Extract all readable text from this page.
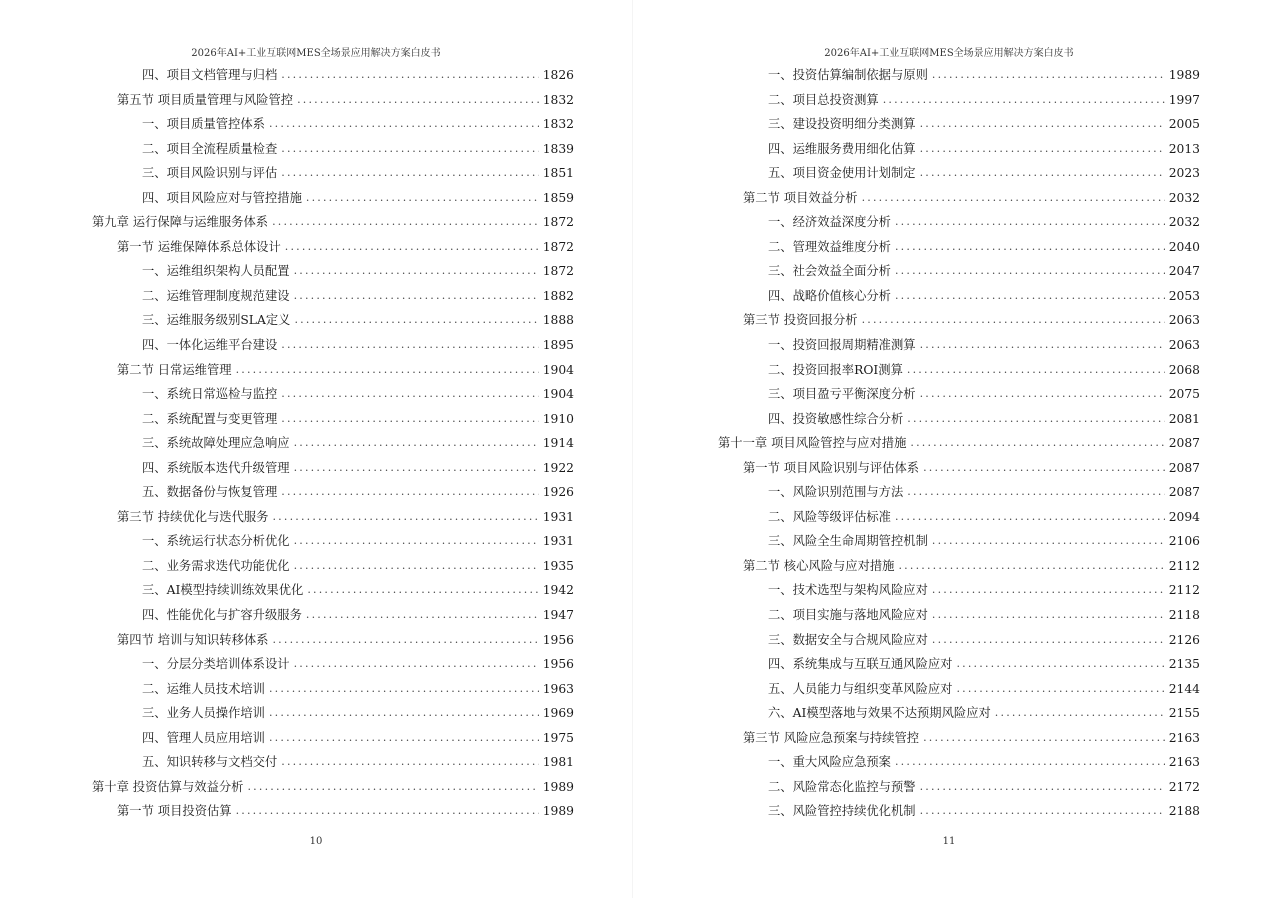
2026年AI+工业互联网MES全场景应用解决方案白皮书
四、项目文档管理与归档 .....	1826
第五节 项目质量管理与风险管控 .....	1832
一、项目质量管控体系 .....	1832
二、项目全流程质量检查 .....	1839
三、项目风险识别与评估 .....	1851
四、项目风险应对与管控措施 .....	1859
第九章 运行保障与运维服务体系 .....	1872
第一节 运维保障体系总体设计 .....	1872
一、运维组织架构人员配置 .....	1872
二、运维管理制度规范建设 .....	1882
三、运维服务级别SLA定义 .....	1888
四、一体化运维平台建设 .....	1895
第二节 日常运维管理 .....	1904
一、系统日常巡检与监控 .....	1904
二、系统配置与变更管理 .....	1910
三、系统故障处理应急响应 .....	1914
四、系统版本迭代升级管理 .....	1922
五、数据备份与恢复管理 .....	1926
第三节 持续优化与迭代服务 .....	1931
一、系统运行状态分析优化 .....	1931
二、业务需求迭代功能优化 .....	1935
三、AI模型持续训练效果优化 .....	1942
四、性能优化与扩容升级服务 .....	1947
第四节 培训与知识转移体系 .....	1956
一、分层分类培训体系设计 .....	1956
二、运维人员技术培训 .....	1963
三、业务人员操作培训 .....	1969
四、管理人员应用培训 .....	1975
五、知识转移与文档交付 .....	1981
第十章 投资估算与效益分析 .....	1989
第一节 项目投资估算 .....	1989
10
2026年AI+工业互联网MES全场景应用解决方案白皮书
一、投资估算编制依据与原则 .....	1989
二、项目总投资测算 .....	1997
三、建设投资明细分类测算 .....	2005
四、运维服务费用细化估算 .....	2013
五、项目资金使用计划制定 .....	2023
第二节 项目效益分析 .....	2032
一、经济效益深度分析 .....	2032
二、管理效益维度分析 .....	2040
三、社会效益全面分析 .....	2047
四、战略价值核心分析 .....	2053
第三节 投资回报分析 .....	2063
一、投资回报周期精准测算 .....	2063
二、投资回报率ROI测算 .....	2068
三、项目盈亏平衡深度分析 .....	2075
四、投资敏感性综合分析 .....	2081
第十一章 项目风险管控与应对措施 .....	2087
第一节 项目风险识别与评估体系 .....	2087
一、风险识别范围与方法 .....	2087
二、风险等级评估标准 .....	2094
三、风险全生命周期管控机制 .....	2106
第二节 核心风险与应对措施 .....	2112
一、技术选型与架构风险应对 .....	2112
二、项目实施与落地风险应对 .....	2118
三、数据安全与合规风险应对 .....	2126
四、系统集成与互联互通风险应对 .....	2135
五、人员能力与组织变革风险应对 .....	2144
六、AI模型落地与效果不达预期风险应对 .....	2155
第三节 风险应急预案与持续管控 .....	2163
一、重大风险应急预案 .....	2163
二、风险常态化监控与预警 .....	2172
三、风险管控持续优化机制 .....	2188
11
